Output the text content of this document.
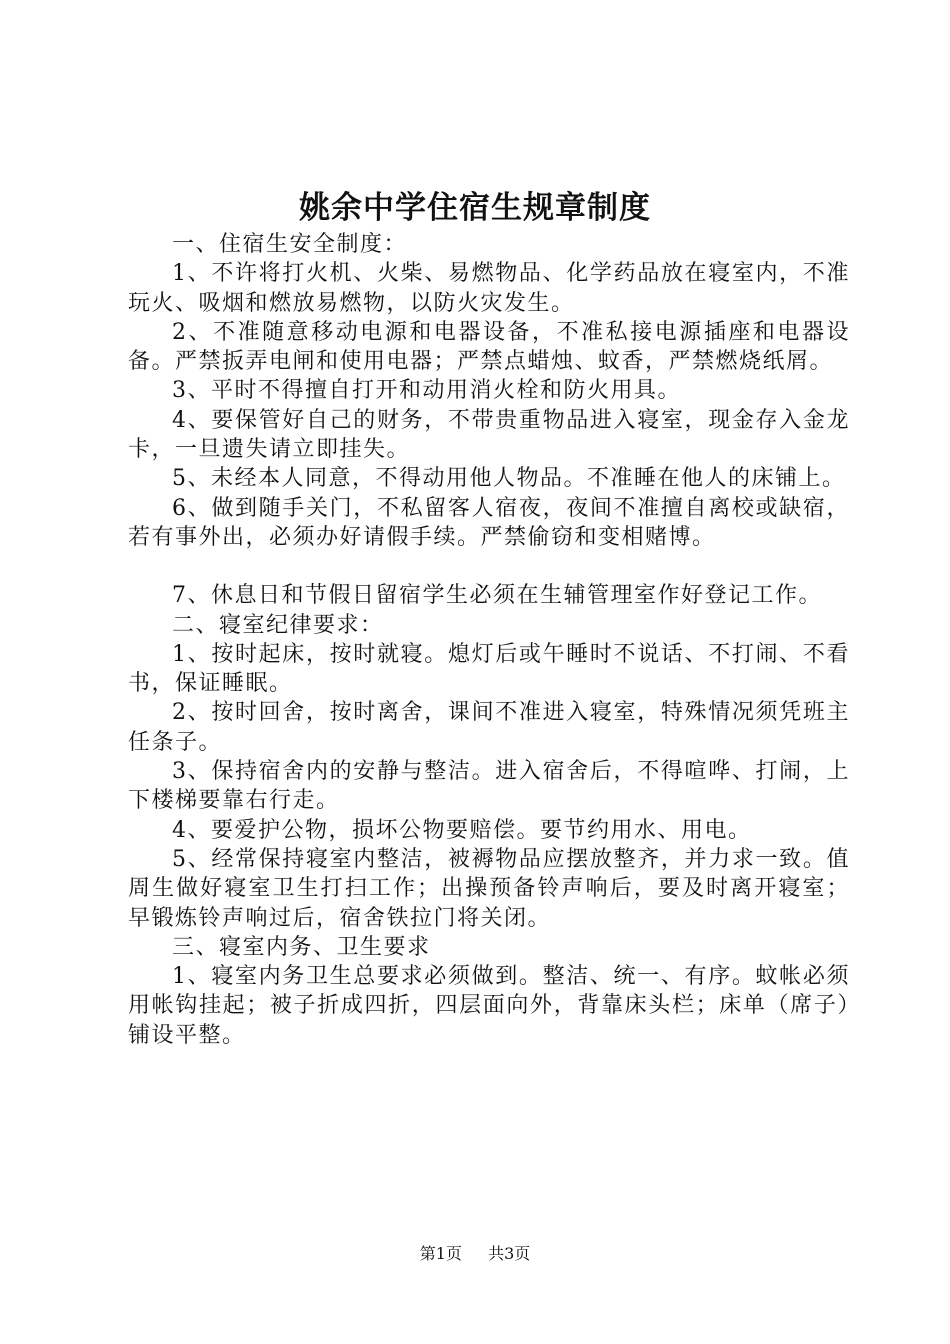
姚余中学住宿生规章制度

一、住宿生安全制度：

1、不许将打火机、火柴、易燃物品、化学药品放在寝室内，不准玩火、吸烟和燃放易燃物，以防火灾发生。

2、不准随意移动电源和电器设备，不准私接电源插座和电器设备。严禁扳弄电闸和使用电器；严禁点蜡烛、蚊香，严禁燃烧纸屑。

3、平时不得擅自打开和动用消火栓和防火用具。

4、要保管好自己的财务，不带贵重物品进入寝室，现金存入金龙卡，一旦遗失请立即挂失。

5、未经本人同意，不得动用他人物品。不准睡在他人的床铺上。

6、做到随手关门，不私留客人宿夜，夜间不准擅自离校或缺宿，若有事外出，必须办好请假手续。严禁偷窃和变相赌博。

7、休息日和节假日留宿学生必须在生辅管理室作好登记工作。

二、寝室纪律要求：

1、按时起床，按时就寝。熄灯后或午睡时不说话、不打闹、不看书，保证睡眠。

2、按时回舍，按时离舍，课间不准进入寝室，特殊情况须凭班主任条子。

3、保持宿舍内的安静与整洁。进入宿舍后，不得喧哗、打闹，上下楼梯要靠右行走。

4、要爱护公物，损坏公物要赔偿。要节约用水、用电。

5、经常保持寝室内整洁，被褥物品应摆放整齐，并力求一致。值周生做好寝室卫生打扫工作；出操预备铃声响后，要及时离开寝室；早锻炼铃声响过后，宿舍铁拉门将关闭。

三、寝室内务、卫生要求

1、寝室内务卫生总要求必须做到。整洁、统一、有序。蚊帐必须用帐钩挂起；被子折成四折，四层面向外，背靠床头栏；床单（席子）铺设平整。

第1页   共3页
